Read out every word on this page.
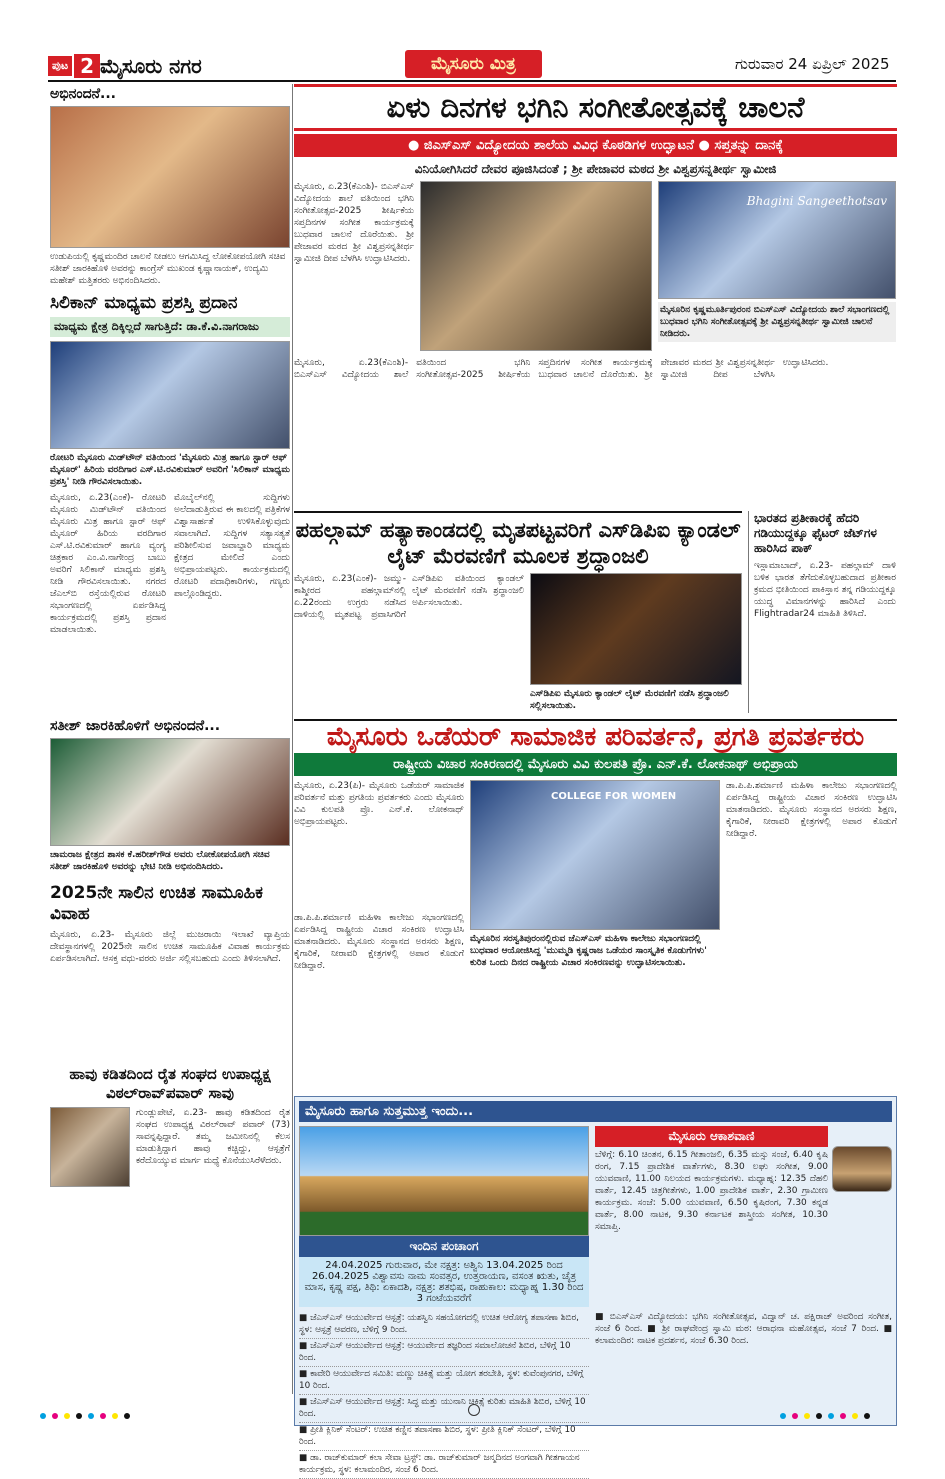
ಪುಟ 2 ಮೈಸೂರು ನಗರ	ಮೈಸೂರು ಮಿತ್ರ	ಗುರುವಾರ 24 ಏಪ್ರಿಲ್ 2025
ಅಭಿನಂದನೆ...
ಉಡುಪಿಯಲ್ಲಿ ಕೃಷ್ಣಮಂದಿರ ಚಾಲನೆ ನೀಡಲು ಆಗಮಿಸಿದ್ದ ಲೋಕೋಪಯೋಗಿ ಸಚಿವ ಸತೀಶ್ ಜಾರಕಿಹೊಳಿ ಅವರನ್ನು ಕಾಂಗ್ರೆಸ್ ಮುಖಂಡ ಕೃಷ್ಣಾನಾಯಕ್, ಉದ್ಯಮಿ ಮಹೇಶ್ ಮತ್ತಿತರರು ಅಭಿನಂದಿಸಿದರು.
ಸಿಲಿಕಾನ್ ಮಾಧ್ಯಮ ಪ್ರಶಸ್ತಿ ಪ್ರದಾನ
ಮಾಧ್ಯಮ ಕ್ಷೇತ್ರ ದಿಕ್ಕಿಲ್ಲದೆ ಸಾಗುತ್ತಿದೆ: ಡಾ.ಕೆ.ವಿ.ನಾಗರಾಜು
ರೋಟರಿ ಮೈಸೂರು ಮಿಡ್‌ಟೌನ್ ವತಿಯಿಂದ 'ಮೈಸೂರು ಮಿತ್ರ ಹಾಗೂ ಸ್ಟಾರ್ ಆಫ್ ಮೈಸೂರ್' ಹಿರಿಯ ವರದಿಗಾರ ಎಸ್.ಟಿ.ರವಿಕುಮಾರ್ ಅವರಿಗೆ 'ಸಿಲಿಕಾನ್ ಮಾಧ್ಯಮ ಪ್ರಶಸ್ತಿ' ನೀಡಿ ಗೌರವಿಸಲಾಯಿತು.
ಮೈಸೂರು, ಏ.23(ಎಂಕೆ)- ರೋಟರಿ ಮೈಸೂರು ಮಿಡ್‌ಟೌನ್ ವತಿಯಿಂದ ಮೈಸೂರು ಮಿತ್ರ ಹಾಗೂ ಸ್ಟಾರ್ ಆಫ್ ಮೈಸೂರ್ ಹಿರಿಯ ವರದಿಗಾರ ಎಸ್.ಟಿ.ರವಿಕುಮಾರ್ ಹಾಗೂ ವ್ಯಂಗ್ಯ ಚಿತ್ರಕಾರ ಎಂ.ವಿ.ನಾಗೇಂದ್ರ ಬಾಬು ಅವರಿಗೆ ಸಿಲಿಕಾನ್ ಮಾಧ್ಯಮ ಪ್ರಶಸ್ತಿ ನೀಡಿ ಗೌರವಿಸಲಾಯಿತು. ನಗರದ ಜೆಎಲ್‌ಬಿ ರಸ್ತೆಯಲ್ಲಿರುವ ರೋಟರಿ ಸಭಾಂಗಣದಲ್ಲಿ ಏರ್ಪಡಿಸಿದ್ದ ಕಾರ್ಯಕ್ರಮದಲ್ಲಿ ಪ್ರಶಸ್ತಿ ಪ್ರದಾನ ಮಾಡಲಾಯಿತು.
ಮೊಬೈಲ್‌ನಲ್ಲಿ ಸುದ್ದಿಗಳು ಅಲೆದಾಡುತ್ತಿರುವ ಈ ಕಾಲದಲ್ಲಿ ಪತ್ರಿಕೆಗಳ ವಿಶ್ವಾಸಾರ್ಹತೆ ಉಳಿಸಿಕೊಳ್ಳುವುದು ಸವಾಲಾಗಿದೆ. ಸುದ್ದಿಗಳ ಸತ್ಯಾಸತ್ಯತೆ ಪರಿಶೀಲಿಸುವ ಜವಾಬ್ದಾರಿ ಮಾಧ್ಯಮ ಕ್ಷೇತ್ರದ ಮೇಲಿದೆ ಎಂದು ಅಭಿಪ್ರಾಯಪಟ್ಟರು. ಕಾರ್ಯಕ್ರಮದಲ್ಲಿ ರೋಟರಿ ಪದಾಧಿಕಾರಿಗಳು, ಗಣ್ಯರು ಪಾಲ್ಗೊಂಡಿದ್ದರು.
ಸತೀಶ್ ಜಾರಕಿಹೊಳಿಗೆ ಅಭಿನಂದನೆ...
ಚಾಮರಾಜ ಕ್ಷೇತ್ರದ ಶಾಸಕ ಕೆ.ಹರೀಶ್‌ಗೌಡ ಅವರು ಲೋಕೋಪಯೋಗಿ ಸಚಿವ ಸತೀಶ್ ಜಾರಕಿಹೊಳಿ ಅವರನ್ನು ಭೇಟಿ ನೀಡಿ ಅಭಿನಂದಿಸಿದರು.
2025ನೇ ಸಾಲಿನ ಉಚಿತ ಸಾಮೂಹಿಕ ವಿವಾಹ
ಮೈಸೂರು, ಏ.23- ಮೈಸೂರು ಜಿಲ್ಲೆ ಮುಜರಾಯಿ ಇಲಾಖೆ ವ್ಯಾಪ್ತಿಯ ದೇವಸ್ಥಾನಗಳಲ್ಲಿ 2025ನೇ ಸಾಲಿನ ಉಚಿತ ಸಾಮೂಹಿಕ ವಿವಾಹ ಕಾರ್ಯಕ್ರಮ ಏರ್ಪಡಿಸಲಾಗಿದೆ. ಆಸಕ್ತ ವಧು-ವರರು ಅರ್ಜಿ ಸಲ್ಲಿಸಬಹುದು ಎಂದು ತಿಳಿಸಲಾಗಿದೆ.
ಹಾವು ಕಡಿತದಿಂದ ರೈತ ಸಂಘದ ಉಪಾಧ್ಯಕ್ಷ ವಿಠಲ್‌ರಾವ್‌ಪವಾರ್ ಸಾವು
ಗುಂಡ್ಲುಪೇಟೆ, ಏ.23- ಹಾವು ಕಡಿತದಿಂದ ರೈತ ಸಂಘದ ಉಪಾಧ್ಯಕ್ಷ ವಿಠಲ್‌ರಾವ್ ಪವಾರ್ (73) ಸಾವನ್ನಪ್ಪಿದ್ದಾರೆ. ತಮ್ಮ ಜಮೀನಿನಲ್ಲಿ ಕೆಲಸ ಮಾಡುತ್ತಿದ್ದಾಗ ಹಾವು ಕಚ್ಚಿದ್ದು, ಆಸ್ಪತ್ರೆಗೆ ಕರೆದೊಯ್ಯುವ ಮಾರ್ಗ ಮಧ್ಯೆ ಕೊನೆಯುಸಿರೆಳೆದರು.
ಏಳು ದಿನಗಳ ಭಗಿನಿ ಸಂಗೀತೋತ್ಸವಕ್ಕೆ ಚಾಲನೆ
● ಜಿಎಸ್‌ಎಸ್ ವಿದ್ಯೋದಯ ಶಾಲೆಯ ವಿವಿಧ ಕೊಠಡಿಗಳ ಉದ್ಘಾಟನೆ ● ಸಪ್ತತನ್ನು ದಾನಕ್ಕೆ
ವಿನಿಯೋಗಿಸಿದರೆ ದೇವರ ಪೂಜಿಸಿದಂತೆ ; ಶ್ರೀ ಪೇಜಾವರ ಮಠದ ಶ್ರೀ ವಿಶ್ವಪ್ರಸನ್ನತೀರ್ಥ ಸ್ವಾಮೀಜಿ
ಮೈಸೂರು, ಏ.23(ಕೆಎಂಶಿ)- ಬಿಎಸ್‌ಎಸ್ ವಿದ್ಯೋದಯ ಶಾಲೆ ವತಿಯಿಂದ ಭಗಿನಿ ಸಂಗೀತೋತ್ಸವ-2025 ಶೀರ್ಷಿಕೆಯ ಸಪ್ತದಿನಗಳ ಸಂಗೀತ ಕಾರ್ಯಕ್ರಮಕ್ಕೆ ಬುಧವಾರ ಚಾಲನೆ ದೊರೆಯಿತು. ಶ್ರೀ ಪೇಜಾವರ ಮಠದ ಶ್ರೀ ವಿಶ್ವಪ್ರಸನ್ನತೀರ್ಥ ಸ್ವಾಮೀಜಿ ದೀಪ ಬೆಳಗಿಸಿ ಉದ್ಘಾಟಿಸಿದರು.
Bhagini Sangeethotsav
ಮೈಸೂರಿನ ಕೃಷ್ಣಮೂರ್ತಿಪುರಂನ ಬಿಎಸ್‌ಎಸ್ ವಿದ್ಯೋದಯ ಶಾಲೆ ಸಭಾಂಗಣದಲ್ಲಿ ಬುಧವಾರ ಭಗಿನಿ ಸಂಗೀತೋತ್ಸವಕ್ಕೆ ಶ್ರೀ ವಿಶ್ವಪ್ರಸನ್ನತೀರ್ಥ ಸ್ವಾಮೀಜಿ ಚಾಲನೆ ನೀಡಿದರು.
ಮೈಸೂರು, ಏ.23(ಕೆಎಂಶಿ)- ಬಿಎಸ್‌ಎಸ್ ವಿದ್ಯೋದಯ ಶಾಲೆ ವತಿಯಿಂದ ಭಗಿನಿ ಸಂಗೀತೋತ್ಸವ-2025 ಶೀರ್ಷಿಕೆಯ ಸಪ್ತದಿನಗಳ ಸಂಗೀತ ಕಾರ್ಯಕ್ರಮಕ್ಕೆ ಬುಧವಾರ ಚಾಲನೆ ದೊರೆಯಿತು. ಶ್ರೀ ಪೇಜಾವರ ಮಠದ ಶ್ರೀ ವಿಶ್ವಪ್ರಸನ್ನತೀರ್ಥ ಸ್ವಾಮೀಜಿ ದೀಪ ಬೆಳಗಿಸಿ ಉದ್ಘಾಟಿಸಿದರು.
ಪಹಲ್ಗಾಮ್ ಹತ್ಯಾಕಾಂಡದಲ್ಲಿ ಮೃತಪಟ್ಟವರಿಗೆ ಎಸ್‌ಡಿಪಿಐ ಕ್ಯಾಂಡಲ್ ಲೈಟ್ ಮೆರವಣಿಗೆ ಮೂಲಕ ಶ್ರದ್ಧಾಂಜಲಿ
ಮೈಸೂರು, ಏ.23(ಎಂಕೆ)- ಜಮ್ಮು-ಕಾಶ್ಮೀರದ ಪಹಲ್ಗಾಮ್‌ನಲ್ಲಿ ಏ.22ರಂದು ಉಗ್ರರು ನಡೆಸಿದ ದಾಳಿಯಲ್ಲಿ ಮೃತಪಟ್ಟ ಪ್ರವಾಸಿಗರಿಗೆ ಎಸ್‌ಡಿಪಿಐ ವತಿಯಿಂದ ಕ್ಯಾಂಡಲ್ ಲೈಟ್ ಮೆರವಣಿಗೆ ನಡೆಸಿ ಶ್ರದ್ಧಾಂಜಲಿ ಅರ್ಪಿಸಲಾಯಿತು.
ಎಸ್‌ಡಿಪಿಐ ಮೈಸೂರು ಕ್ಯಾಂಡಲ್ ಲೈಟ್ ಮೆರವಣಿಗೆ ನಡೆಸಿ ಶ್ರದ್ಧಾಂಜಲಿ ಸಲ್ಲಿಸಲಾಯಿತು.
ಭಾರತದ ಪ್ರತೀಕಾರಕ್ಕೆ ಹೆದರಿ ಗಡಿಯುದ್ದಕ್ಕೂ ಫೈಟರ್ ಜೆಟ್‌ಗಳ ಹಾರಿಸಿದ ಪಾಕ್
ಇಸ್ಲಾಮಾಬಾದ್, ಏ.23- ಪಹಲ್ಗಾಮ್ ದಾಳಿ ಬಳಿಕ ಭಾರತ ತೆಗೆದುಕೊಳ್ಳಬಹುದಾದ ಪ್ರತೀಕಾರ ಕ್ರಮದ ಭೀತಿಯಿಂದ ಪಾಕಿಸ್ತಾನ ತನ್ನ ಗಡಿಯುದ್ದಕ್ಕೂ ಯುದ್ಧ ವಿಮಾನಗಳನ್ನು ಹಾರಿಸಿದೆ ಎಂದು Flightradar24 ಮಾಹಿತಿ ತಿಳಿಸಿದೆ.
ಮೈಸೂರು ಒಡೆಯರ್ ಸಾಮಾಜಿಕ ಪರಿವರ್ತನೆ, ಪ್ರಗತಿ ಪ್ರವರ್ತಕರು
ರಾಷ್ಟ್ರೀಯ ವಿಚಾರ ಸಂಕಿರಣದಲ್ಲಿ ಮೈಸೂರು ವಿವಿ ಕುಲಪತಿ ಪ್ರೊ. ಎನ್.ಕೆ. ಲೋಕನಾಥ್ ಅಭಿಪ್ರಾಯ
ಮೈಸೂರು, ಏ.23(ಪಿ)- ಮೈಸೂರು ಒಡೆಯರ್ ಸಾಮಾಜಿಕ ಪರಿವರ್ತನೆ ಮತ್ತು ಪ್ರಗತಿಯ ಪ್ರವರ್ತಕರು ಎಂದು ಮೈಸೂರು ವಿವಿ ಕುಲಪತಿ ಪ್ರೊ. ಎನ್.ಕೆ. ಲೋಕನಾಥ್ ಅಭಿಪ್ರಾಯಪಟ್ಟರು.
ಡಾ.ಪಿ.ಪಿ.ಶರ್ಮಾಣಿ ಮಹಿಳಾ ಕಾಲೇಜು ಸಭಾಂಗಣದಲ್ಲಿ ಏರ್ಪಡಿಸಿದ್ದ ರಾಷ್ಟ್ರೀಯ ವಿಚಾರ ಸಂಕಿರಣ ಉದ್ಘಾಟಿಸಿ ಮಾತನಾಡಿದರು. ಮೈಸೂರು ಸಂಸ್ಥಾನದ ಅರಸರು ಶಿಕ್ಷಣ, ಕೈಗಾರಿಕೆ, ನೀರಾವರಿ ಕ್ಷೇತ್ರಗಳಲ್ಲಿ ಅಪಾರ ಕೊಡುಗೆ ನೀಡಿದ್ದಾರೆ.
COLLEGE FOR WOMEN
ಮೈಸೂರಿನ ಸರಸ್ವತಿಪುರಂನಲ್ಲಿರುವ ಜೆಎಸ್‌ಎಸ್ ಮಹಿಳಾ ಕಾಲೇಜು ಸಭಾಂಗಣದಲ್ಲಿ ಬುಧವಾರ ಆಯೋಜಿಸಿದ್ದ 'ಮುಮ್ಮಡಿ ಕೃಷ್ಣರಾಜ ಒಡೆಯರ ಸಾಂಸ್ಕೃತಿಕ ಕೊಡುಗೆಗಳು' ಕುರಿತ ಒಂದು ದಿನದ ರಾಷ್ಟ್ರೀಯ ವಿಚಾರ ಸಂಕಿರಣವನ್ನು ಉದ್ಘಾಟಿಸಲಾಯಿತು.
ಡಾ.ಪಿ.ಪಿ.ಶರ್ಮಾಣಿ ಮಹಿಳಾ ಕಾಲೇಜು ಸಭಾಂಗಣದಲ್ಲಿ ಏರ್ಪಡಿಸಿದ್ದ ರಾಷ್ಟ್ರೀಯ ವಿಚಾರ ಸಂಕಿರಣ ಉದ್ಘಾಟಿಸಿ ಮಾತನಾಡಿದರು. ಮೈಸೂರು ಸಂಸ್ಥಾನದ ಅರಸರು ಶಿಕ್ಷಣ, ಕೈಗಾರಿಕೆ, ನೀರಾವರಿ ಕ್ಷೇತ್ರಗಳಲ್ಲಿ ಅಪಾರ ಕೊಡುಗೆ ನೀಡಿದ್ದಾರೆ.
ಮೈಸೂರು ಹಾಗೂ ಸುತ್ತಮುತ್ತ ಇಂದು...
ಇಂದಿನ ಪಂಚಾಂಗ
24.04.2025 ಗುರುವಾರ, ಮೇ ನಕ್ಷತ್ರ: ಅಶ್ವಿನಿ 13.04.2025 ರಿಂದ 26.04.2025 ವಿಶ್ವಾವಸು ನಾಮ ಸಂವತ್ಸರ, ಉತ್ತರಾಯಣ, ವಸಂತ ಋತು, ಚೈತ್ರ ಮಾಸ, ಕೃಷ್ಣ ಪಕ್ಷ, ತಿಥಿ: ಏಕಾದಶಿ, ನಕ್ಷತ್ರ: ಶತಭಿಷ, ರಾಹುಕಾಲ: ಮಧ್ಯಾಹ್ನ 1.30 ರಿಂದ 3 ಗಂಟೆಯವರೆಗೆ
ಮೈಸೂರು ಆಕಾಶವಾಣಿ
ಬೆಳಿಗ್ಗೆ: 6.10 ಚಿಂತನ, 6.15 ಗೀತಾಂಜಲಿ, 6.35 ಮಸ್ಸು ಸಂಜೆ, 6.40 ಕೃಷಿ ರಂಗ, 7.15 ಪ್ರಾದೇಶಿಕ ವಾರ್ತೆಗಳು, 8.30 ಲಘು ಸಂಗೀತ, 9.00 ಯುವವಾಣಿ, 11.00 ನಿಲಯದ ಕಾರ್ಯಕ್ರಮಗಳು. ಮಧ್ಯಾಹ್ನ: 12.35 ದೆಹಲಿ ವಾರ್ತೆ, 12.45 ಚಿತ್ರಗೀತೆಗಳು, 1.00 ಪ್ರಾದೇಶಿಕ ವಾರ್ತೆ, 2.30 ಗ್ರಾಮೀಣ ಕಾರ್ಯಕ್ರಮ. ಸಂಜೆ: 5.00 ಯುವವಾಣಿ, 6.50 ಕೃಷಿರಂಗ, 7.30 ಕನ್ನಡ ವಾರ್ತೆ, 8.00 ನಾಟಕ, 9.30 ಕರ್ನಾಟಕ ಶಾಸ್ತ್ರೀಯ ಸಂಗೀತ, 10.30 ಸಮಾಪ್ತಿ.
■ ಜೆಎಸ್‌ಎಸ್ ಆಯುರ್ವೇದ ಆಸ್ಪತ್ರೆ: ಯಶಸ್ವಿನಿ ಸಹಯೋಗದಲ್ಲಿ ಉಚಿತ ಆರೋಗ್ಯ ತಪಾಸಣಾ ಶಿಬಿರ, ಸ್ಥಳ: ಆಸ್ಪತ್ರೆ ಆವರಣ, ಬೆಳಿಗ್ಗೆ 9 ರಿಂದ.
■ ಜೆಎಸ್‌ಎಸ್ ಆಯುರ್ವೇದ ಆಸ್ಪತ್ರೆ: ಆಯುರ್ವೇದ ತಜ್ಞರಿಂದ ಸಮಾಲೋಚನೆ ಶಿಬಿರ, ಬೆಳಿಗ್ಗೆ 10 ರಿಂದ.
■ ಕಾವೇರಿ ಆಯುರ್ವೇದ ಸಮಿತಿ: ಮಣ್ಣು ಚಿಕಿತ್ಸೆ ಮತ್ತು ಯೋಗ ತರಬೇತಿ, ಸ್ಥಳ: ಕುವೆಂಪುನಗರ, ಬೆಳಿಗ್ಗೆ 10 ರಿಂದ.
■ ಜೆಎಸ್‌ಎಸ್ ಆಯುರ್ವೇದ ಆಸ್ಪತ್ರೆ: ಸಿದ್ಧ ಮತ್ತು ಯುನಾನಿ ಚಿಕಿತ್ಸೆ ಕುರಿತು ಮಾಹಿತಿ ಶಿಬಿರ, ಬೆಳಿಗ್ಗೆ 10 ರಿಂದ.
■ ಪ್ರೀತಿ ಕ್ಲಿನಿಕ್ ಸೆಂಟರ್: ಉಚಿತ ಕಣ್ಣಿನ ತಪಾಸಣಾ ಶಿಬಿರ, ಸ್ಥಳ: ಪ್ರೀತಿ ಕ್ಲಿನಿಕ್ ಸೆಂಟರ್, ಬೆಳಿಗ್ಗೆ 10 ರಿಂದ.
■ ಡಾ. ರಾಜ್‌ಕುಮಾರ್ ಕಲಾ ಸೇವಾ ಟ್ರಸ್ಟ್: ಡಾ. ರಾಜ್‌ಕುಮಾರ್ ಜನ್ಮದಿನದ ಅಂಗವಾಗಿ ಗೀತಗಾಯನ ಕಾರ್ಯಕ್ರಮ, ಸ್ಥಳ: ಕಲಾಮಂದಿರ, ಸಂಜೆ 6 ರಿಂದ.
■ ಬಿಎಸ್‌ಎಸ್ ವಿದ್ಯೋದಯ: ಭಗಿನಿ ಸಂಗೀತೋತ್ಸವ, ವಿದ್ವಾನ್ ಚ. ಪಕ್ಷಿರಾಜ್ ಅವರಿಂದ ಸಂಗೀತ, ಸಂಜೆ 6 ರಿಂದ. ■ ಶ್ರೀ ರಾಘವೇಂದ್ರ ಸ್ವಾಮಿ ಮಠ: ಆರಾಧನಾ ಮಹೋತ್ಸವ, ಸಂಜೆ 7 ರಿಂದ. ■ ಕಲಾಮಂದಿರ: ನಾಟಕ ಪ್ರದರ್ಶನ, ಸಂಜೆ 6.30 ರಿಂದ.
